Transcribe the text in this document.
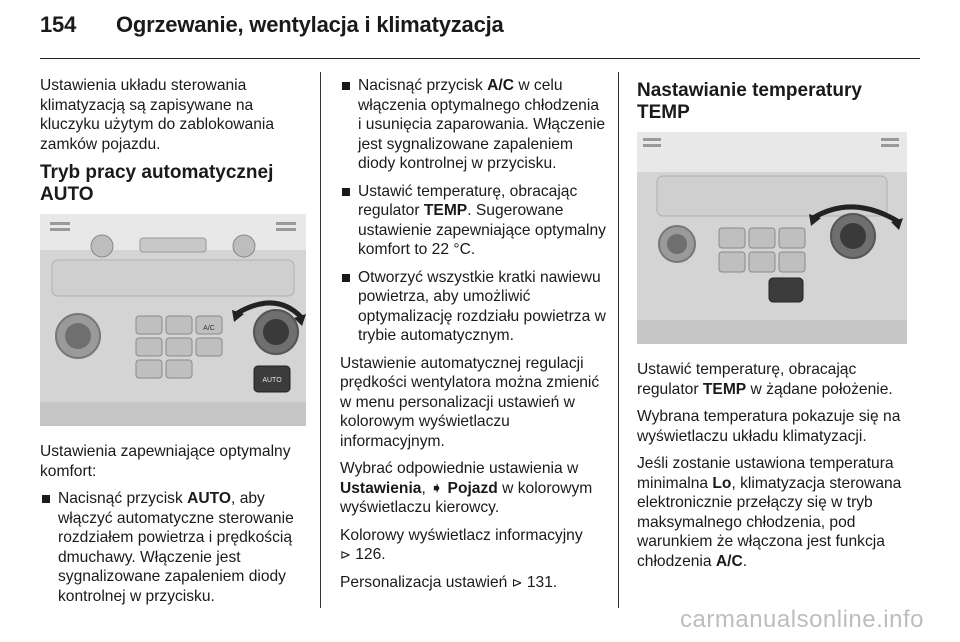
154 Ogrzewanie, wentylacja i klimatyzacja

Ustawienia układu sterowania klimatyzacją są zapisywane na kluczyku użytym do zablokowania zamków pojazdu.

Tryb pracy automatycznej AUTO
A/C
AUTO

Ustawienia zapewniające optymalny komfort:

Nacisnąć przycisk AUTO, aby włączyć automatyczne sterowanie rozdziałem powietrza i prędkością dmuchawy. Włączenie jest sygnalizowane zapaleniem diody kontrolnej w przycisku.
Nacisnąć przycisk A/C w celu włączenia optymalnego chłodzenia i usunięcia zaparowania. Włączenie jest sygnalizowane zapaleniem diody kontrolnej w przycisku.
Ustawić temperaturę, obracając regulator TEMP. Sugerowane ustawienie zapewniające optymalny komfort to 22 °C.
Otworzyć wszystkie kratki nawiewu powietrza, aby umożliwić optymalizację rozdziału powietrza w trybie automatycznym.

Ustawienie automatycznej regulacji prędkości wentylatora można zmienić w menu personalizacji ustawień w kolorowym wyświetlaczu informacyjnym.

Wybrać odpowiednie ustawienia w Ustawienia, ➧ Pojazd w kolorowym wyświetlaczu kierowcy.

Kolorowy wyświetlacz informacyjny
⊳ 126.

Personalizacja ustawień ⊳ 131.

Nastawianie temperatury TEMP

Ustawić temperaturę, obracając regulator TEMP w żądane położenie.

Wybrana temperatura pokazuje się na wyświetlaczu układu klimatyzacji.

Jeśli zostanie ustawiona temperatura minimalna Lo, klimatyzacja sterowana elektronicznie przełączy się w tryb maksymalnego chłodzenia, pod warunkiem że włączona jest funkcja chłodzenia A/C.

carmanualsonline.info
